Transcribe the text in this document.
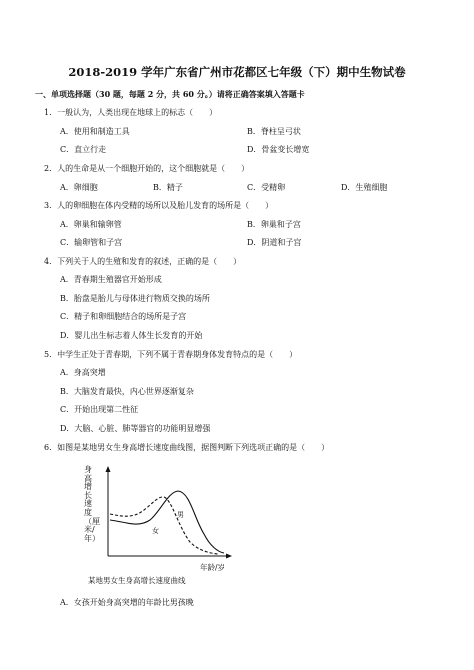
2018-2019 学年广东省广州市花都区七年级（下）期中生物试卷
一、单项选择题（30 题，每题 2 分，共 60 分。）请将正确答案填入答题卡
1．一般认为，人类出现在地球上的标志（　　）
A．使用和制造工具	B．脊柱呈弓状
C．直立行走	D．骨盆变长增宽
2．人的生命是从一个细胞开始的，这个细胞就是（　　）
A．卵细胞	B．精子	C．受精卵	D．生殖细胞
3．人的卵细胞在体内受精的场所以及胎儿发育的场所是（　　）
A．卵巢和输卵管	B．卵巢和子宫
C．输卵管和子宫	D．阴道和子宫
4．下列关于人的生殖和发育的叙述，正确的是（　　）
A．青春期生殖器官开始形成
B．胎盘是胎儿与母体进行物质交换的场所
C．精子和卵细胞结合的场所是子宫
D．婴儿出生标志着人体生长发育的开始
5．中学生正处于青春期，下列不属于青春期身体发育特点的是（　　）
A．身高突增
B．大脑发育最快，内心世界逐渐复杂
C．开始出现第二性征
D．大脑、心脏、肺等器官的功能明显增强
6．如图是某地男女生身高增长速度曲线图，据图判断下列选项正确的是（　　）
身高增长速度（厘米/年）
男
女
年龄/岁
某地男女生身高增长速度曲线
A．女孩开始身高突增的年龄比男孩晚
